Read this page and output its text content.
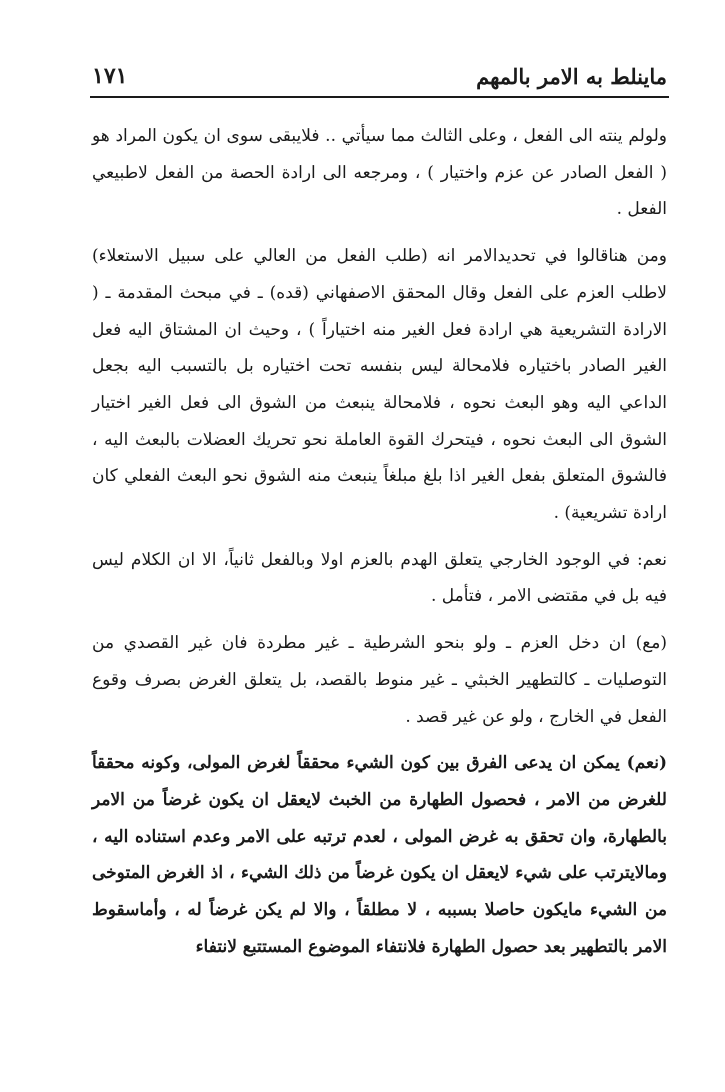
ماينلط به الامر بالمهم
١٧١

ولولم ينته الى الفعل ، وعلى الثالث مما سيأتي .. فلايبقى سوى ان يكون المراد هو ( الفعل الصادر عن عزم واختيار ) ، ومرجعه الى ارادة الحصة من الفعل لاطبيعي الفعل .

ومن هناقالوا في تحديدالامر انه (طلب الفعل من العالي على سبيل الاستعلاء) لاطلب العزم على الفعل وقال المحقق الاصفهاني (قده) ـ في مبحث المقدمة ـ ( الارادة التشريعية هي ارادة فعل الغير منه اختياراً ) ، وحيث ان المشتاق اليه فعل الغير الصادر باختياره فلامحالة ليس بنفسه تحت اختياره بل بالتسبب اليه بجعل الداعي اليه وهو البعث نحوه ، فلامحالة ينبعث من الشوق الى فعل الغير اختيار الشوق الى البعث نحوه ، فيتحرك القوة العاملة نحو تحريك العضلات بالبعث اليه ، فالشوق المتعلق بفعل الغير اذا بلغ مبلغاً ينبعث منه الشوق نحو البعث الفعلي كان ارادة تشريعية) .

نعم: في الوجود الخارجي يتعلق الهدم بالعزم اولا وبالفعل ثانياً، الا ان الكلام ليس فيه بل في مقتضى الامر ، فتأمل .

(مع) ان دخل العزم ـ ولو بنحو الشرطية ـ غير مطردة فان غير القصدي من التوصليات ـ كالتطهير الخبثي ـ غير منوط بالقصد، بل يتعلق الغرض بصرف وقوع الفعل في الخارج ، ولو عن غير قصد .

(نعم) يمكن ان يدعى الفرق بين كون الشيء محققاً لغرض المولى، وكونه محققاً للغرض من الامر ، فحصول الطهارة من الخبث لايعقل ان يكون غرضاً من الامر بالطهارة، وان تحقق به غرض المولى ، لعدم ترتبه على الامر وعدم استناده اليه ، ومالايترتب على شيء لايعقل ان يكون غرضاً من ذلك الشيء ، اذ الغرض المتوخى من الشيء مايكون حاصلا بسببه ، لا مطلقاً ، والا لم يكن غرضاً له ، وأماسقوط الامر بالتطهير بعد حصول الطهارة فلانتفاء الموضوع المستتبع لانتفاء
